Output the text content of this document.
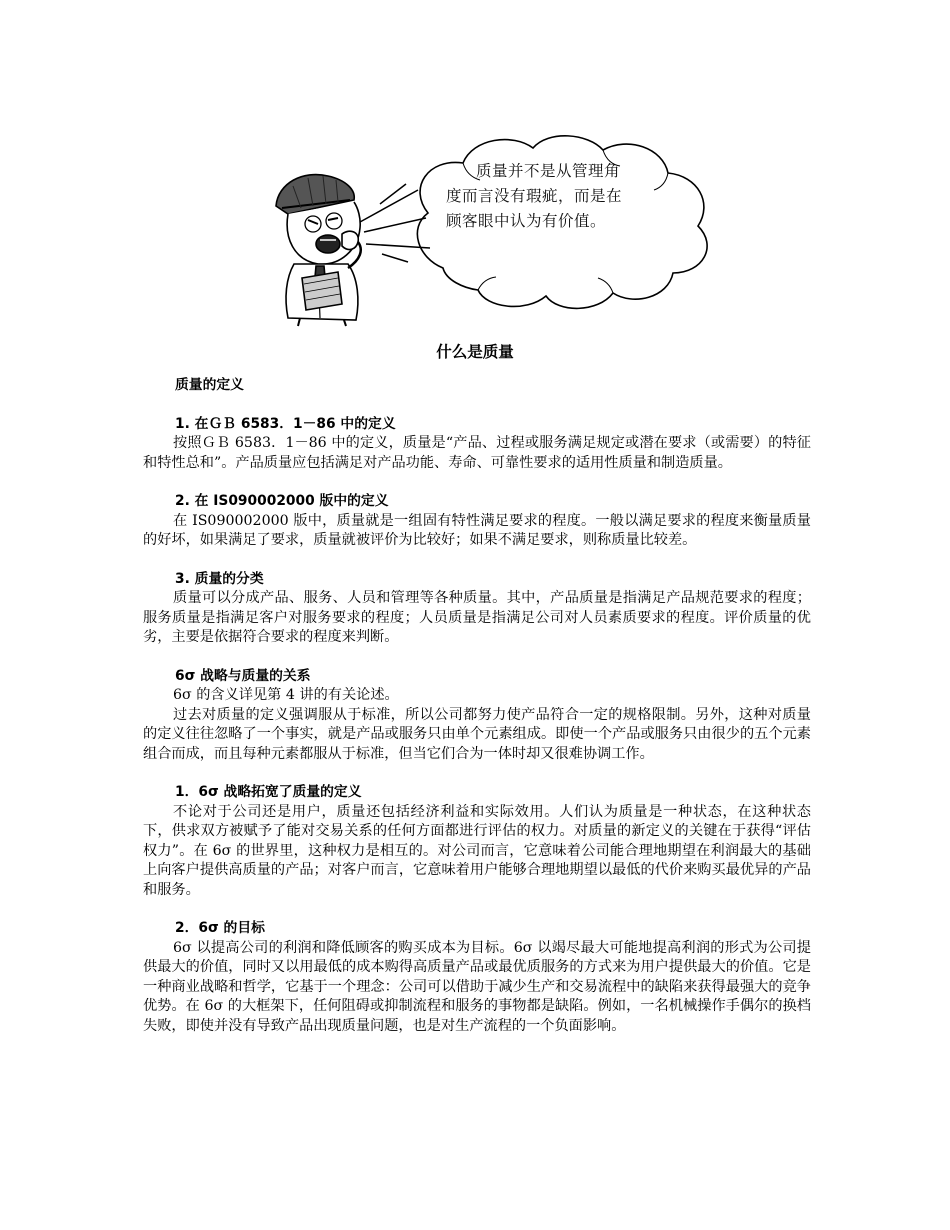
质量并不是从管理角
度而言没有瑕疵，而是在
顾客眼中认为有价值。
什么是质量
质量的定义
1. 在ＧＢ 6583．1－86 中的定义

按照ＧＢ 6583．1－86 中的定义，质量是“产品、过程或服务满足规定或潜在要求（或需要）的特征和特性总和”。产品质量应包括满足对产品功能、寿命、可靠性要求的适用性质量和制造质量。

2. 在 IS090002000 版中的定义

在 IS090002000 版中，质量就是一组固有特性满足要求的程度。一般以满足要求的程度来衡量质量的好坏，如果满足了要求，质量就被评价为比较好；如果不满足要求，则称质量比较差。

3. 质量的分类

质量可以分成产品、服务、人员和管理等各种质量。其中，产品质量是指满足产品规范要求的程度；服务质量是指满足客户对服务要求的程度；人员质量是指满足公司对人员素质要求的程度。评价质量的优劣，主要是依据符合要求的程度来判断。

6σ 战略与质量的关系

6σ 的含义详见第 4 讲的有关论述。

过去对质量的定义强调服从于标准，所以公司都努力使产品符合一定的规格限制。另外，这种对质量的定义往往忽略了一个事实，就是产品或服务只由单个元素组成。即使一个产品或服务只由很少的五个元素组合而成，而且每种元素都服从于标准，但当它们合为一体时却又很难协调工作。

1．6σ 战略拓宽了质量的定义

不论对于公司还是用户，质量还包括经济利益和实际效用。人们认为质量是一种状态，在这种状态下，供求双方被赋予了能对交易关系的任何方面都进行评估的权力。对质量的新定义的关键在于获得“评估权力”。在 6σ 的世界里，这种权力是相互的。对公司而言，它意味着公司能合理地期望在利润最大的基础上向客户提供高质量的产品；对客户而言，它意味着用户能够合理地期望以最低的代价来购买最优异的产品和服务。

2．6σ 的目标

6σ 以提高公司的利润和降低顾客的购买成本为目标。6σ 以竭尽最大可能地提高利润的形式为公司提供最大的价值，同时又以用最低的成本购得高质量产品或最优质服务的方式来为用户提供最大的价值。它是一种商业战略和哲学，它基于一个理念：公司可以借助于减少生产和交易流程中的缺陷来获得最强大的竞争优势。在 6σ 的大框架下，任何阻碍或抑制流程和服务的事物都是缺陷。例如，一名机械操作手偶尔的换档失败，即使并没有导致产品出现质量问题，也是对生产流程的一个负面影响。
